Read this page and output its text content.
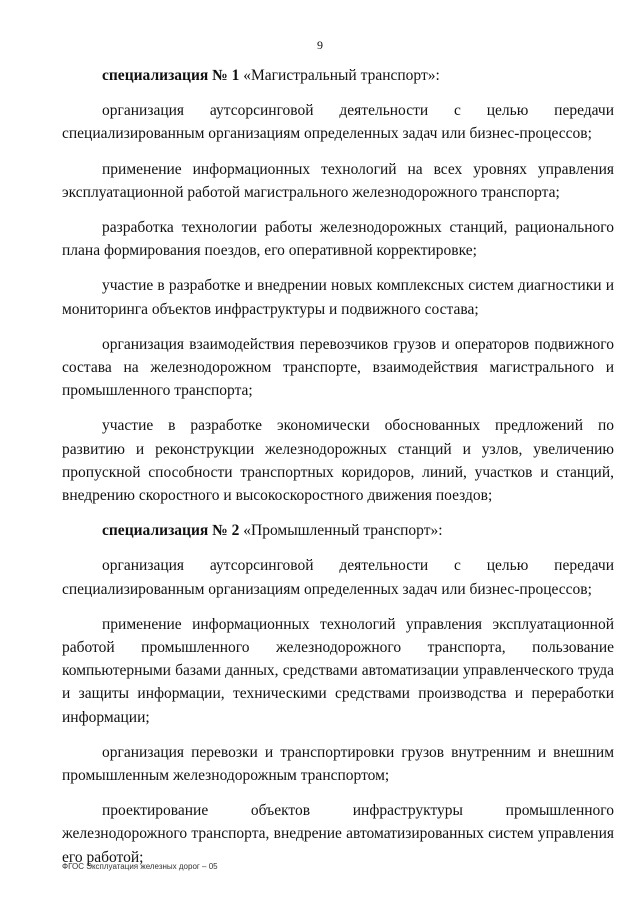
9

специализация № 1 «Магистральный транспорт»:

организация аутсорсинговой деятельности с целью передачи специализированным организациям определенных задач или бизнес-процессов;

применение информационных технологий на всех уровнях управления эксплуатационной работой магистрального железнодорожного транспорта;

разработка технологии работы железнодорожных станций, рационального плана формирования поездов, его оперативной корректировке;

участие в разработке и внедрении новых комплексных систем диагностики и мониторинга объектов инфраструктуры и подвижного состава;

организация взаимодействия перевозчиков грузов и операторов подвижного состава на железнодорожном транспорте, взаимодействия магистрального и промышленного транспорта;

участие в разработке экономически обоснованных предложений по развитию и реконструкции железнодорожных станций и узлов, увеличению пропускной способности транспортных коридоров, линий, участков и станций, внедрению скоростного и высокоскоростного движения поездов;

специализация № 2 «Промышленный транспорт»:

организация аутсорсинговой деятельности с целью передачи специализированным организациям определенных задач или бизнес-процессов;

применение информационных технологий управления эксплуатационной работой промышленного железнодорожного транспорта, пользование компьютерными базами данных, средствами автоматизации управленческого труда и защиты информации, техническими средствами производства и переработки информации;

организация перевозки и транспортировки грузов внутренним и внешним промышленным железнодорожным транспортом;

проектирование объектов инфраструктуры промышленного железнодорожного транспорта, внедрение автоматизированных систем управления его работой;

ФГОС Эксплуатация железных дорог – 05
